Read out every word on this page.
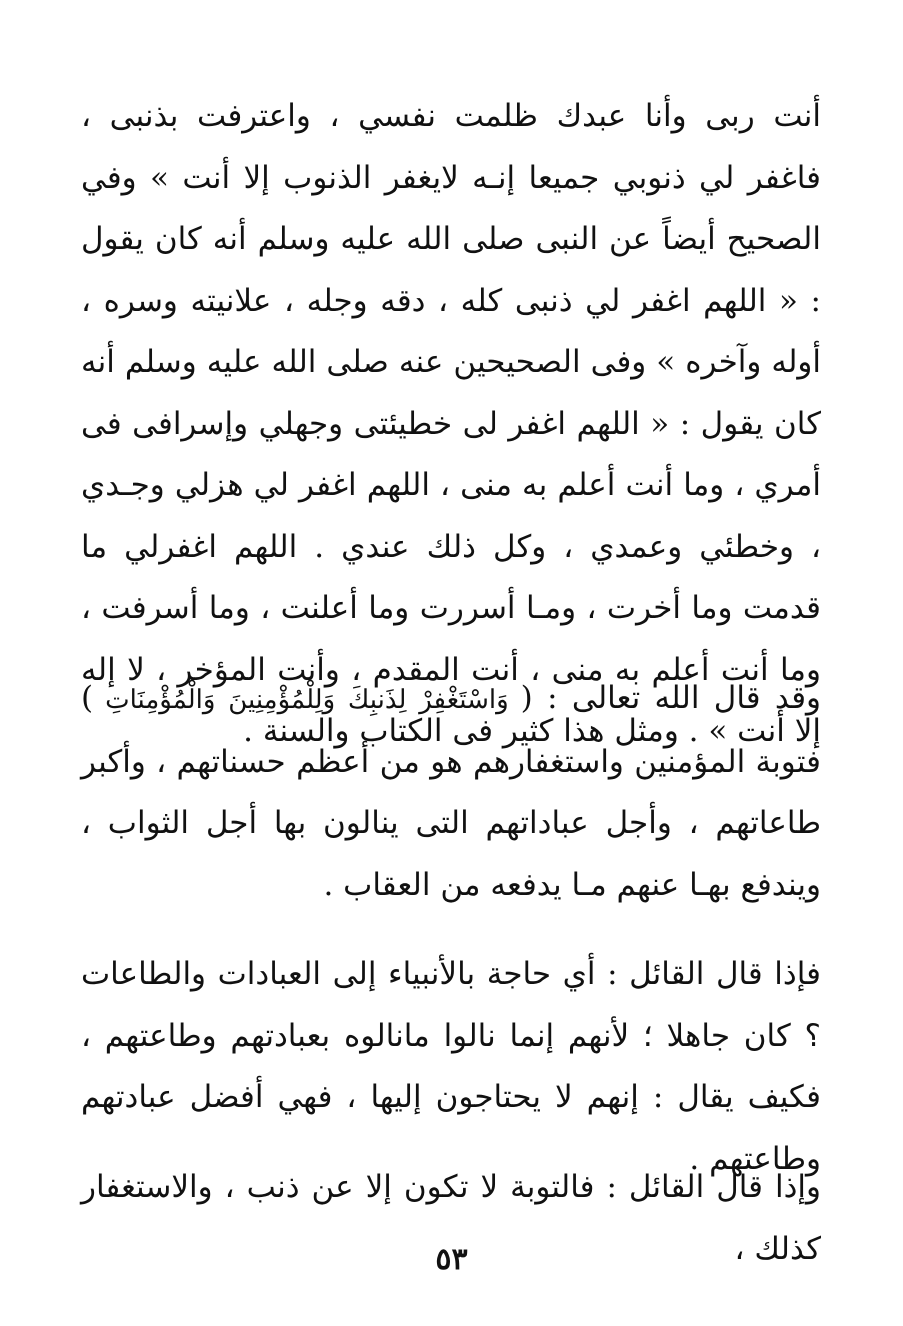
أنت ربى وأنا عبدك ظلمت نفسي ، واعترفت بذنبى ، فاغفر لي ذنوبي جميعا إنـه لايغفر الذنوب إلا أنت » وفي الصحيح أيضاً عن النبى صلى الله عليه وسلم أنه كان يقول : « اللهم اغفر لي ذنبى كله ، دقه وجله ، علانيته وسره ، أوله وآخره » وفى الصحيحين عنه صلى الله عليه وسلم أنه كان يقول : « اللهم اغفر لى خطيئتى وجهلي وإسرافى فى أمري ، وما أنت أعلم به منى ، اللهم اغفر لي هزلي وجـدي ، وخطئي وعمدي ، وكل ذلك عندي . اللهم اغفرلي ما قدمت وما أخرت ، ومـا أسررت وما أعلنت ، وما أسرفت ، وما أنت أعلم به منى ، أنت المقدم ، وأنت المؤخر ، لا إله إلا أنت » . ومثل هذا كثير فى الكتاب والسنة .

وقد قال الله تعالى : (وَاسْتَغْفِرْ لِذَنبِكَ وَلِلْمُؤْمِنِينَ وَالْمُؤْمِنَاتِ) فتوبة المؤمنين واستغفارهم هو من أعظم حسناتهم ، وأكبر طاعاتهم ، وأجل عباداتهم التى ينالون بها أجل الثواب ، ويندفع بهـا عنهم مـا يدفعه من العقاب .

فإذا قال القائل : أي حاجة بالأنبياء إلى العبادات والطاعات ؟ كان جاهلا ؛ لأنهم إنما نالوا مانالوه بعبادتهم وطاعتهم ، فكيف يقال : إنهم لا يحتاجون إليها ، فهي أفضل عبادتهم وطاعتهم .

وإذا قال القائل : فالتوبة لا تكون إلا عن ذنب ، والاستغفار كذلك ،

٥٣
